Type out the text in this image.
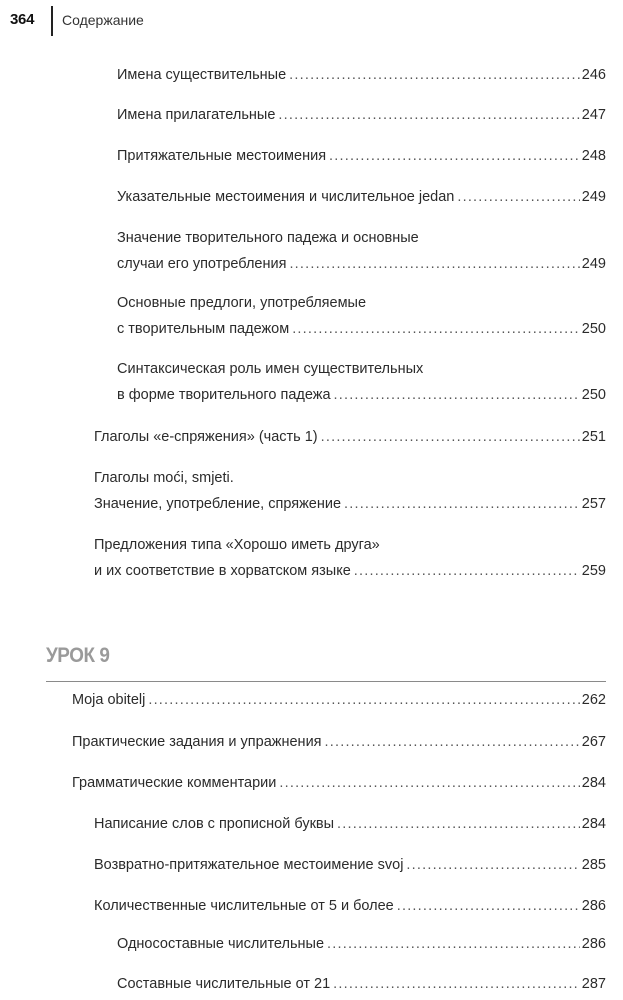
364 Содержание
Имена существительные .....	246
Имена прилагательные .....	247
Притяжательные местоимения .....	248
Указательные местоимения и числительное jedan .....	249
Значение творительного падежа и основные
случаи его употребления .....	249
Основные предлоги, употребляемые
с творительным падежом .....	250
Синтаксическая роль имен существительных
в форме творительного падежа .....	250
Глаголы «е-спряжения» (часть 1) .....	251
Глаголы moći, smjeti.
Значение, употребление, спряжение .....	257
Предложения типа «Хорошо иметь друга»
и их соответствие в хорватском языке .....	259
УРОК 9
Moja obitelj .....	262
Практические задания и упражнения .....	267
Грамматические комментарии .....	284
Написание слов с прописной буквы .....	284
Возвратно-притяжательное местоимение svoj .....	285
Количественные числительные от 5 и более .....	286
Односоставные числительные .....	286
Составные числительные от 21 .....	287
